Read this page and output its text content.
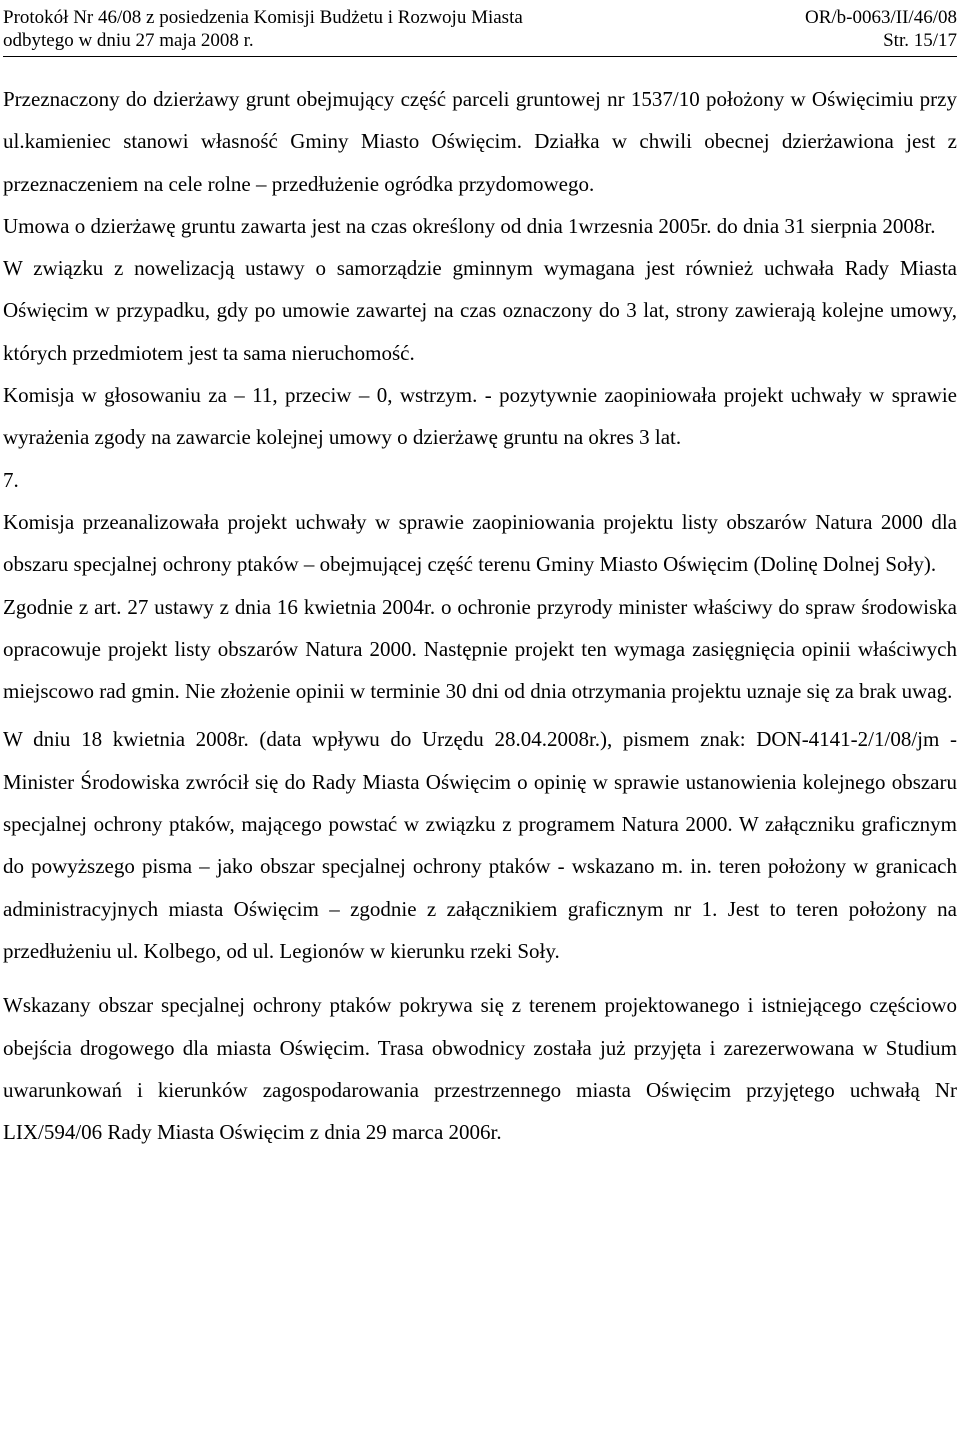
Protokół Nr 46/08 z posiedzenia Komisji Budżetu i Rozwoju Miasta	OR/b-0063/II/46/08
odbytego w dniu 27 maja 2008 r.	Str. 15/17

Przeznaczony do dzierżawy grunt obejmujący część parceli gruntowej nr 1537/10 położony w Oświęcimiu przy ul.kamieniec stanowi własność Gminy Miasto Oświęcim. Działka w chwili obecnej dzierżawiona jest z przeznaczeniem na cele rolne – przedłużenie ogródka przydomowego.

Umowa o dzierżawę gruntu zawarta jest na czas określony od dnia 1wrzesnia 2005r. do dnia 31 sierpnia 2008r.

W związku z nowelizacją ustawy o samorządzie gminnym wymagana jest również uchwała Rady Miasta Oświęcim w przypadku, gdy po umowie zawartej na czas oznaczony do 3 lat, strony zawierają kolejne umowy, których przedmiotem jest ta sama nieruchomość.

Komisja w głosowaniu za – 11, przeciw – 0, wstrzym. - pozytywnie zaopiniowała projekt uchwały w sprawie wyrażenia zgody na zawarcie kolejnej umowy o dzierżawę gruntu na okres 3 lat.

7.

Komisja przeanalizowała projekt uchwały w sprawie zaopiniowania projektu listy obszarów Natura 2000 dla obszaru specjalnej ochrony ptaków – obejmującej część terenu Gminy Miasto Oświęcim (Dolinę Dolnej Soły).

Zgodnie z art. 27 ustawy z dnia 16 kwietnia 2004r. o ochronie przyrody minister właściwy do spraw środowiska opracowuje projekt listy obszarów Natura 2000. Następnie projekt ten wymaga zasięgnięcia opinii właściwych miejscowo rad gmin. Nie złożenie opinii w terminie 30 dni od dnia otrzymania projektu uznaje się za brak uwag.

W dniu 18 kwietnia 2008r. (data wpływu do Urzędu 28.04.2008r.), pismem znak: DON-4141-2/1/08/jm - Minister Środowiska zwrócił się do Rady Miasta Oświęcim o opinię w sprawie ustanowienia kolejnego obszaru specjalnej ochrony ptaków, mającego powstać w związku z programem Natura 2000. W załączniku graficznym do powyższego pisma – jako obszar specjalnej ochrony ptaków - wskazano m. in. teren położony w granicach administracyjnych miasta Oświęcim – zgodnie z załącznikiem graficznym nr 1. Jest to teren położony na przedłużeniu ul. Kolbego, od ul. Legionów w kierunku rzeki Soły.

Wskazany obszar specjalnej ochrony ptaków pokrywa się z terenem projektowanego i istniejącego częściowo obejścia drogowego dla miasta Oświęcim. Trasa obwodnicy została już przyjęta i zarezerwowana w Studium uwarunkowań i kierunków zagospodarowania przestrzennego miasta Oświęcim przyjętego uchwałą Nr LIX/594/06 Rady Miasta Oświęcim z dnia 29 marca 2006r.
